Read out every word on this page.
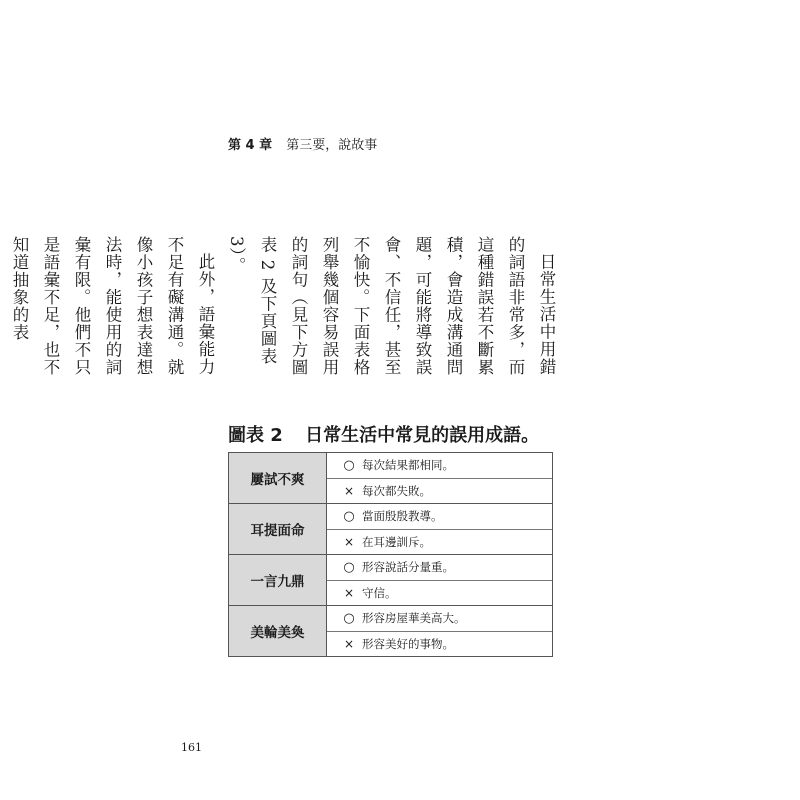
第 4 章 第三要，說故事

日常生活中用錯的詞語非常多，而這種錯誤若不斷累積，會造成溝通問題，可能將導致誤會、不信任，甚至不愉快。下面表格列舉幾個容易誤用的詞句（見下方圖表 2 及下頁圖表 3）。

此外，語彙能力不足有礙溝通。就像小孩子想表達想法時，能使用的詞彙有限。他們不只是語彙不足，也不知道抽象的表

圖表 2 日常生活中常見的誤用成語。
屢試不爽
○ 每次結果都相同。
× 每次都失敗。
耳提面命
○ 當面殷殷教導。
× 在耳邊訓斥。
一言九鼎
○ 形容說話分量重。
× 守信。
美輪美奐
○ 形容房屋華美高大。
× 形容美好的事物。
161
